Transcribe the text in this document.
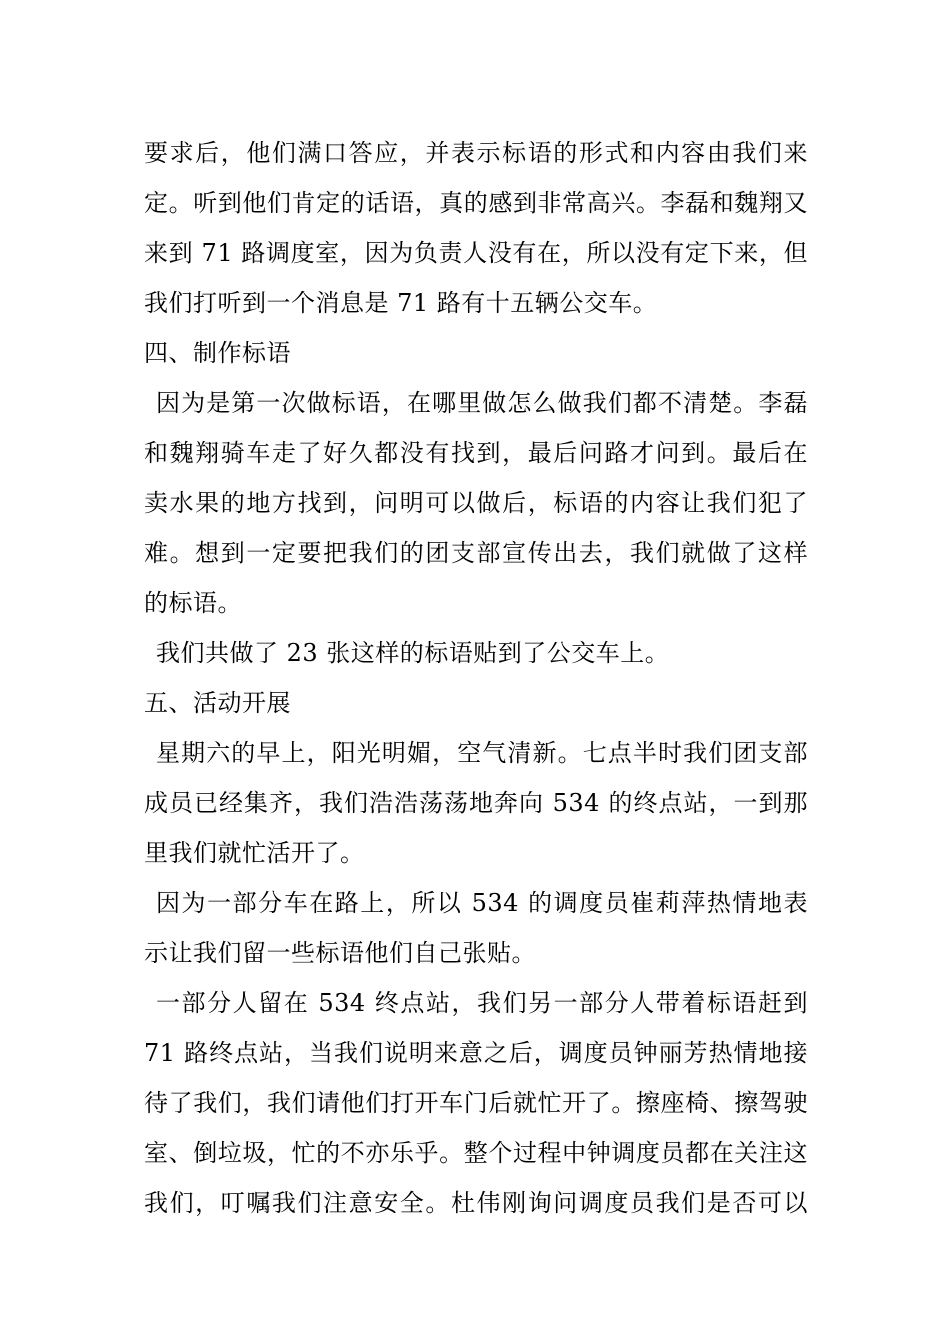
要求后，他们满口答应，并表示标语的形式和内容由我们来
定。听到他们肯定的话语，真的感到非常高兴。李磊和魏翔又
来到 71 路调度室，因为负责人没有在，所以没有定下来，但
我们打听到一个消息是 71 路有十五辆公交车。
四、制作标语
因为是第一次做标语，在哪里做怎么做我们都不清楚。李磊
和魏翔骑车走了好久都没有找到，最后问路才问到。最后在
卖水果的地方找到，问明可以做后，标语的内容让我们犯了
难。想到一定要把我们的团支部宣传出去，我们就做了这样
的标语。
我们共做了 23 张这样的标语贴到了公交车上。
五、活动开展
星期六的早上，阳光明媚，空气清新。七点半时我们团支部
成员已经集齐，我们浩浩荡荡地奔向 534 的终点站，一到那
里我们就忙活开了。
因为一部分车在路上，所以 534 的调度员崔莉萍热情地表
示让我们留一些标语他们自己张贴。
一部分人留在 534 终点站，我们另一部分人带着标语赶到
71 路终点站，当我们说明来意之后，调度员钟丽芳热情地接
待了我们，我们请他们打开车门后就忙开了。擦座椅、擦驾驶
室、倒垃圾，忙的不亦乐乎。整个过程中钟调度员都在关注这
我们，叮嘱我们注意安全。杜伟刚询问调度员我们是否可以
